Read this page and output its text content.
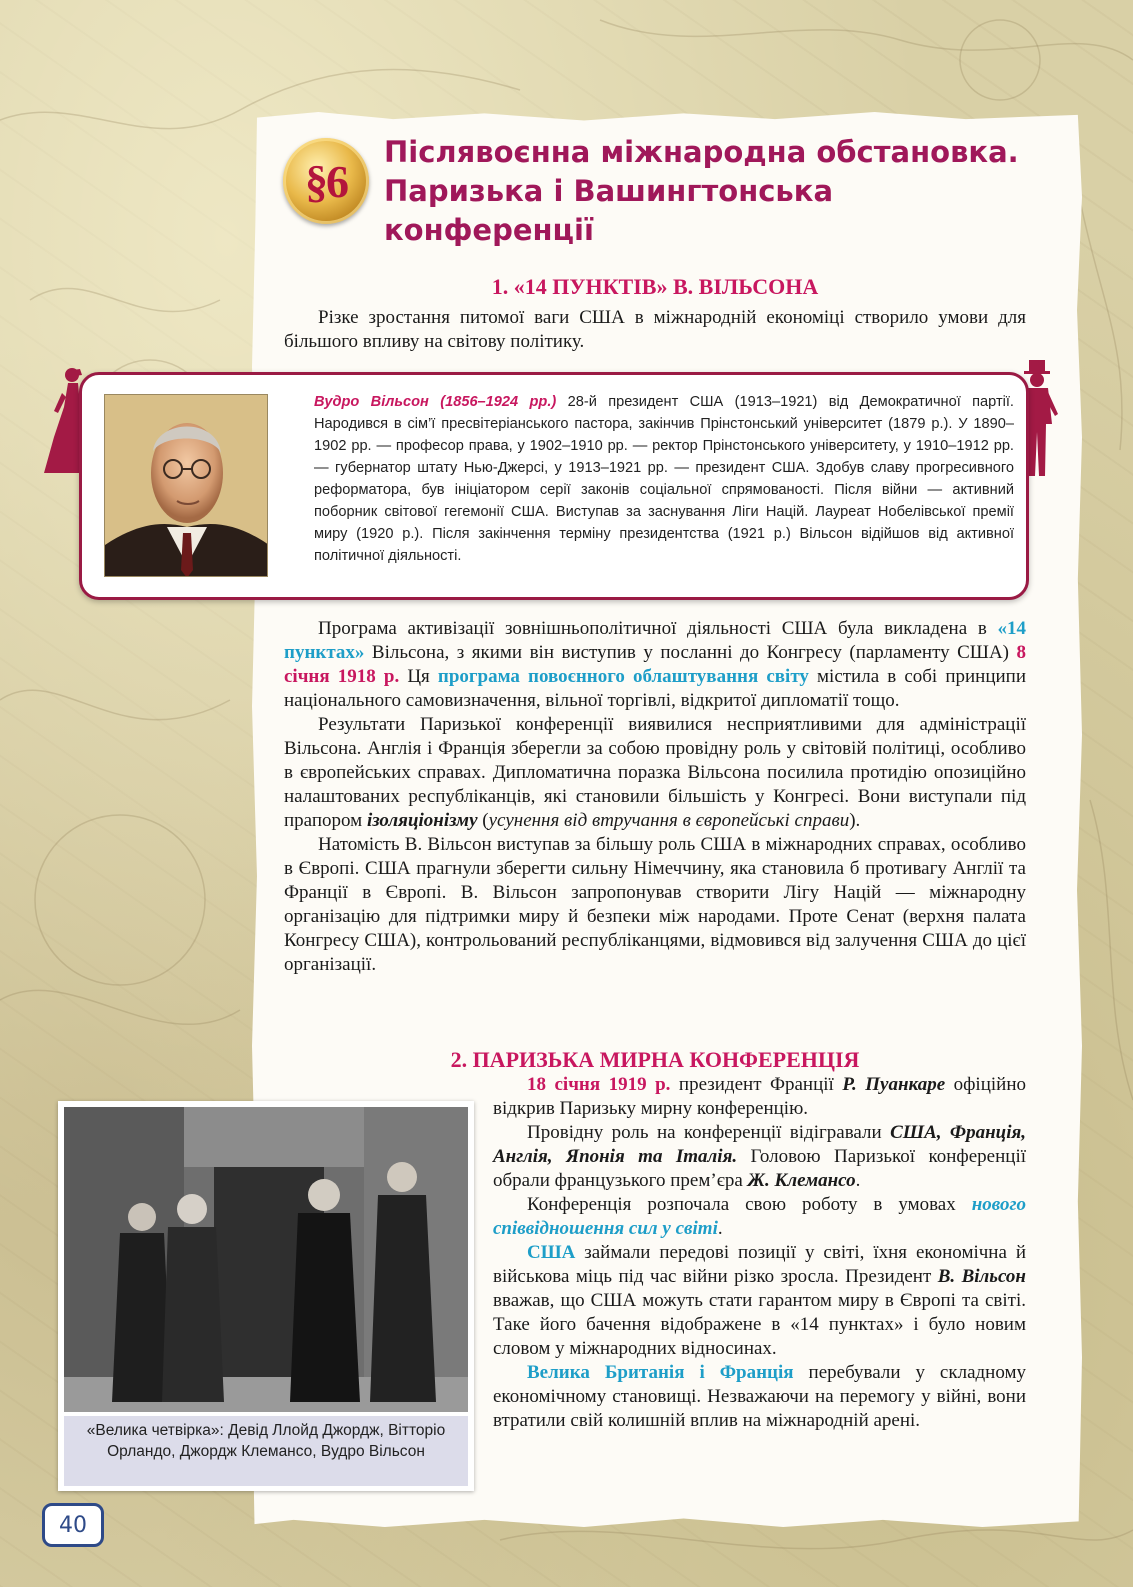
§6
Післявоєнна міжнародна обстановка.
Паризька і Вашингтонська
конференції
1. «14 ПУНКТІВ» В. ВІЛЬСОНА

Різке зростання питомої ваги США в міжнародній економіці створило умови для більшого впливу на світову політику.

Вудро Вільсон (1856–1924 рр.) 28-й президент США (1913–1921) від Демократичної партії. Народився в сім’ї пресвітеріанського пастора, закінчив Прінстонський університет (1879 р.). У 1890–1902 рр. — професор права, у 1902–1910 рр. — ректор Прінстонського університету, у 1910–1912 рр. — губернатор штату Нью-Джерсі, у 1913–1921 рр. — президент США. Здобув славу прогресивного реформатора, був ініціатором серії законів соціальної спрямованості. Після війни — активний поборник світової гегемонії США. Виступав за заснування Ліги Націй. Лауреат Нобелівської премії миру (1920 р.). Після закінчення терміну президентства (1921 р.) Вільсон відійшов від активної політичної діяльності.

Програма активізації зовнішньополітичної діяльності США була викладена в «14 пунктах» Вільсона, з якими він виступив у посланні до Конгресу (парламенту США) 8 січня 1918 р. Ця програма повоєнного облаштування світу містила в собі принципи національного самовизначення, вільної торгівлі, відкритої дипломатії тощо.

Результати Паризької конференції виявилися несприятливими для адміністрації Вільсона. Англія і Франція зберегли за собою провідну роль у світовій політиці, особливо в європейських справах. Дипломатична поразка Вільсона посилила протидію опозиційно налаштованих республіканців, які становили більшість у Конгресі. Вони виступали під прапором ізоляціонізму (усунення від втручання в європейські справи).

Натомість В. Вільсон виступав за більшу роль США в міжнародних справах, особливо в Європі. США прагнули зберегти сильну Німеччину, яка становила б противагу Англії та Франції в Європі. В. Вільсон запропонував створити Лігу Націй — міжнародну організацію для підтримки миру й безпеки між народами. Проте Сенат (верхня палата Конгресу США), контрольований республіканцями, відмовився від залучення США до цієї організації.

2. ПАРИЗЬКА МИРНА КОНФЕРЕНЦІЯ
«Велика четвірка»: Девід Ллойд Джордж, Вітторіо Орландо, Джордж Клемансо, Вудро Вільсон

18 січня 1919 р. президент Франції Р. Пуанкаре офіційно відкрив Паризьку мирну конференцію.

Провідну роль на конференції відігравали США, Франція, Англія, Японія та Італія. Головою Паризької конференції обрали французького прем’єра Ж. Клемансо.

Конференція розпочала свою роботу в умовах нового співвідношення сил у світі.

США займали передові позиції у світі, їхня економічна й військова міць під час війни різко зросла. Президент В. Вільсон вважав, що США можуть стати гарантом миру в Європі та світі. Таке його бачення відображене в «14 пунктах» і було новим словом у міжнародних відносинах.

Велика Британія і Франція перебували у складному економічному становищі. Незважаючи на перемогу у війні, вони втратили свій колишній вплив на міжнародній арені.

40
